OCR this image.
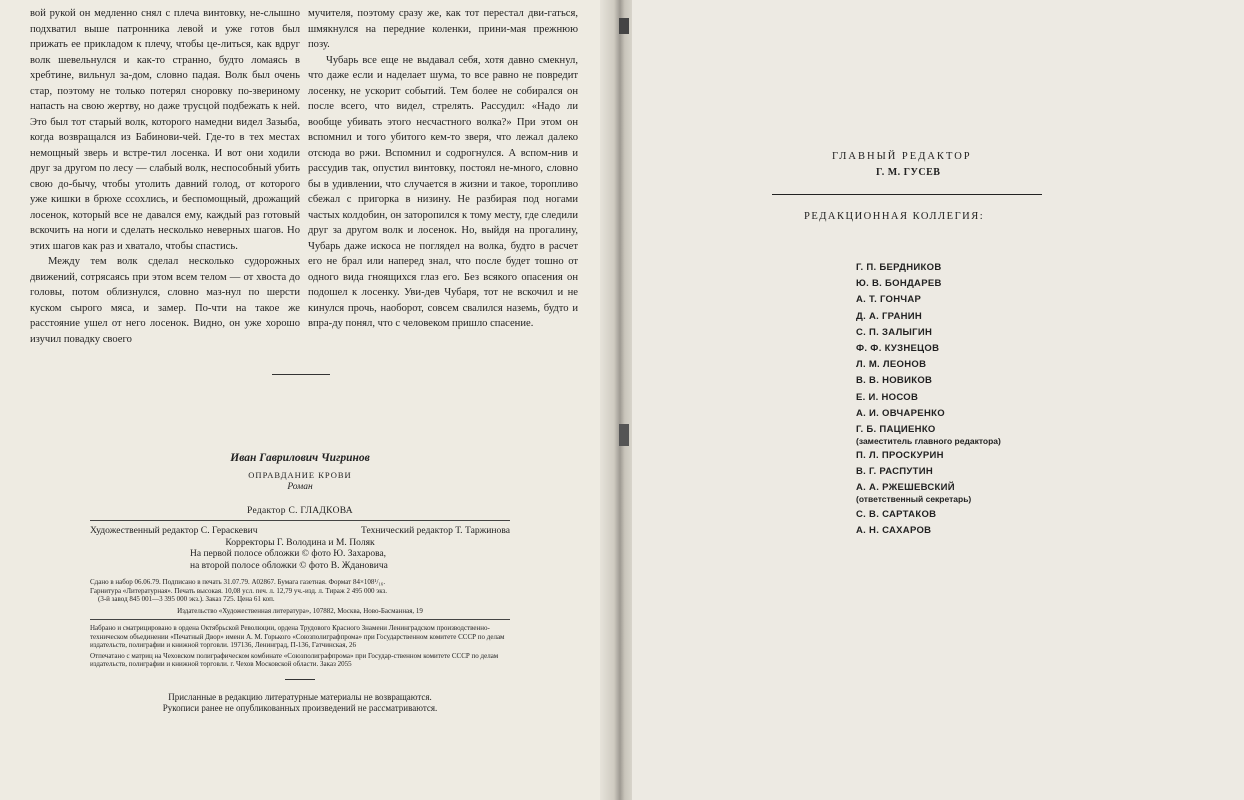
вой рукой он медленно снял с плеча винтовку, не-слышно подхватил выше патронника левой и уже готов был прижать ее прикладом к плечу, чтобы це-литься, как вдруг волк шевельнулся и как-то странно, будто ломаясь в хребтине, вильнул за-дом, словно падая. Волк был очень стар, поэтому не только потерял сноровку по-звериному напасть на свою жертву, но даже трусцой подбежать к ней. Это был тот старый волк, которого намедни видел Зазыба, когда возвращался из Бабинови-чей. Где-то в тех местах немощный зверь и встре-тил лосенка. И вот они ходили друг за другом по лесу — слабый волк, неспособный убить свою до-бычу, чтобы утолить давний голод, от которого уже кишки в брюхе ссохлись, и беспомощный, дрожащий лосенок, который все не давался ему, каждый раз готовый вскочить на ноги и сделать несколько неверных шагов. Но этих шагов как раз и хватало, чтобы спастись.

Между тем волк сделал несколько судорожных движений, сотрясаясь при этом всем телом — от хвоста до головы, потом облизнулся, словно маз-нул по шерсти куском сырого мяса, и замер. По-чти на такое же расстояние ушел от него лосенок. Видно, он уже хорошо изучил повадку своего

мучителя, поэтому сразу же, как тот перестал дви-гаться, шмякнулся на передние коленки, прини-мая прежнюю позу.

Чубарь все еще не выдавал себя, хотя давно смекнул, что даже если и наделает шума, то все равно не повредит лосенку, не ускорит событий. Тем более не собирался он после всего, что видел, стрелять. Рассудил: «Надо ли вообще убивать этого несчастного волка?» При этом он вспомнил и того убитого кем-то зверя, что лежал далеко отсюда во ржи. Вспомнил и содрогнулся. А вспом-нив и рассудив так, опустил винтовку, постоял не-много, словно бы в удивлении, что случается в жизни и такое, торопливо сбежал с пригорка в низину. Не разбирая под ногами частых колдобин, он заторопился к тому месту, где следили друг за другом волк и лосенок. Но, выйдя на прогалину, Чубарь даже искоса не поглядел на волка, будто в расчет его не брал или наперед знал, что после будет тошно от одного вида гноящихся глаз его. Без всякого опасения он подошел к лосенку. Уви-дев Чубаря, тот не вскочил и не кинулся прочь, наоборот, совсем свалился наземь, будто и впра-ду понял, что с человеком пришло спасение.

Иван Гаврилович Чигринов
ОПРАВДАНИЕ КРОВИ
Роман
Редактор С. ГЛАДКОВА
Художественный редактор С. Гераскевич	Технический редактор Т. Таржинова
Корректоры Г. Володина и М. Поляк
На первой полосе обложки © фото Ю. Захарова,
на второй полосе обложки © фото В. Ждановича
Сдано в набор 06.06.79. Подписано в печать 31.07.79. А02867. Бумага газетная. Формат 84×108¹/₁₆.
Гарнитура «Литературная». Печать высокая. 10,08 усл. печ. л. 12,79 уч.-изд. л. Тираж 2 495 000 экз.
(3-й завод 845 001—3 395 000 экз.). Заказ 725. Цена 61 коп.
Издательство «Художественная литература», 107882, Москва, Ново-Басманная, 19
Набрано и сматрицировано в ордена Октябрьской Революции, ордена Трудового Красного Знамени Ленинградском производственно-техническом объединении «Печатный Двор» имени А. М. Горького «Союзполиграфпрома» при Государственном комитете СССР по делам издательств, полиграфии и книжной торговли. 197136, Ленинград, П-136, Гатчинская, 26
Отпечатано с матриц на Чеховском полиграфическом комбинате «Союзполиграфпрома» при Государ-ственном комитете СССР по делам издательств, полиграфии и книжной торговли. г. Чехов Московской области. Заказ 2055
Присланные в редакцию литературные материалы не возвращаются.
Рукописи ранее не опубликованных произведений не рассматриваются.
ГЛАВНЫЙ РЕДАКТОР
Г. М. ГУСЕВ
РЕДАКЦИОННАЯ КОЛЛЕГИЯ:
Г. П. БЕРДНИКОВ
Ю. В. БОНДАРЕВ
А. Т. ГОНЧАР
Д. А. ГРАНИН
С. П. ЗАЛЫГИН
Ф. Ф. КУЗНЕЦОВ
Л. М. ЛЕОНОВ
В. В. НОВИКОВ
Е. И. НОСОВ
А. И. ОВЧАРЕНКО
Г. Б. ПАЦИЕНКО
(заместитель главного редактора)
П. Л. ПРОСКУРИН
В. Г. РАСПУТИН
А. А. РЖЕШЕВСКИЙ
(ответственный секретарь)
С. В. САРТАКОВ
А. Н. САХАРОВ
